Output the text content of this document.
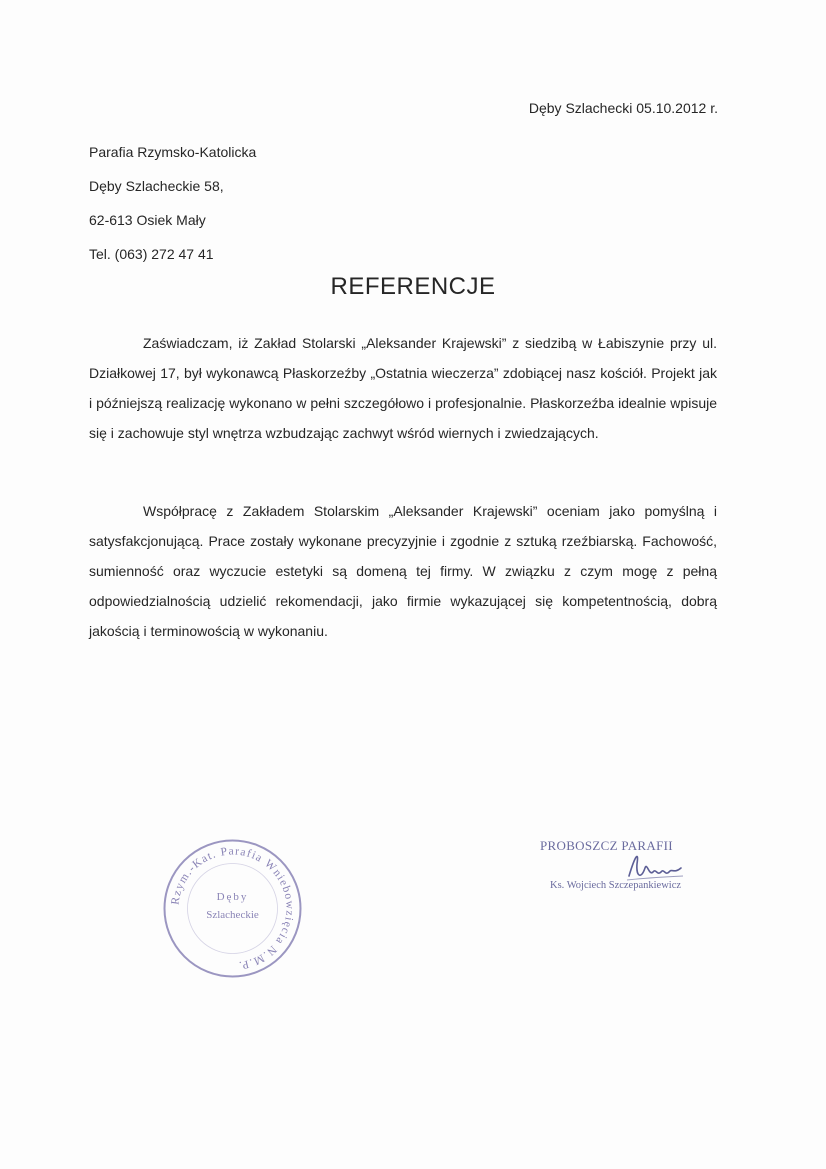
Dęby Szlachecki 05.10.2012 r.
Parafia Rzymsko-Katolicka
Dęby Szlacheckie 58,
62-613 Osiek Mały
Tel. (063) 272 47 41
REFERENCJE
Zaświadczam, iż Zakład Stolarski „Aleksander Krajewski” z siedzibą w Łabiszynie przy ul. Działkowej 17, był wykonawcą Płaskorzeźby „Ostatnia wieczerza” zdobiącej nasz kościół. Projekt jak i późniejszą realizację wykonano w pełni szczegółowo i profesjonalnie. Płaskorzeźba idealnie wpisuje się i zachowuje styl wnętrza wzbudzając zachwyt wśród wiernych i zwiedzających.
Współpracę z Zakładem Stolarskim „Aleksander Krajewski” oceniam jako pomyślną i satysfakcjonującą. Prace zostały wykonane precyzyjnie i zgodnie z sztuką rzeźbiarską. Fachowość, sumienność oraz wyczucie estetyki są domeną tej firmy. W związku z czym mogę z pełną odpowiedzialnością udzielić rekomendacji, jako firmie wykazującej się kompetentnością, dobrą jakością i terminowością w wykonaniu.
Rzym.-Kat. Parafia Wniebowzięcia N.M.P.
Dęby
Szlacheckie
PROBOSZCZ PARAFII
Ks. Wojciech Szczepankiewicz
